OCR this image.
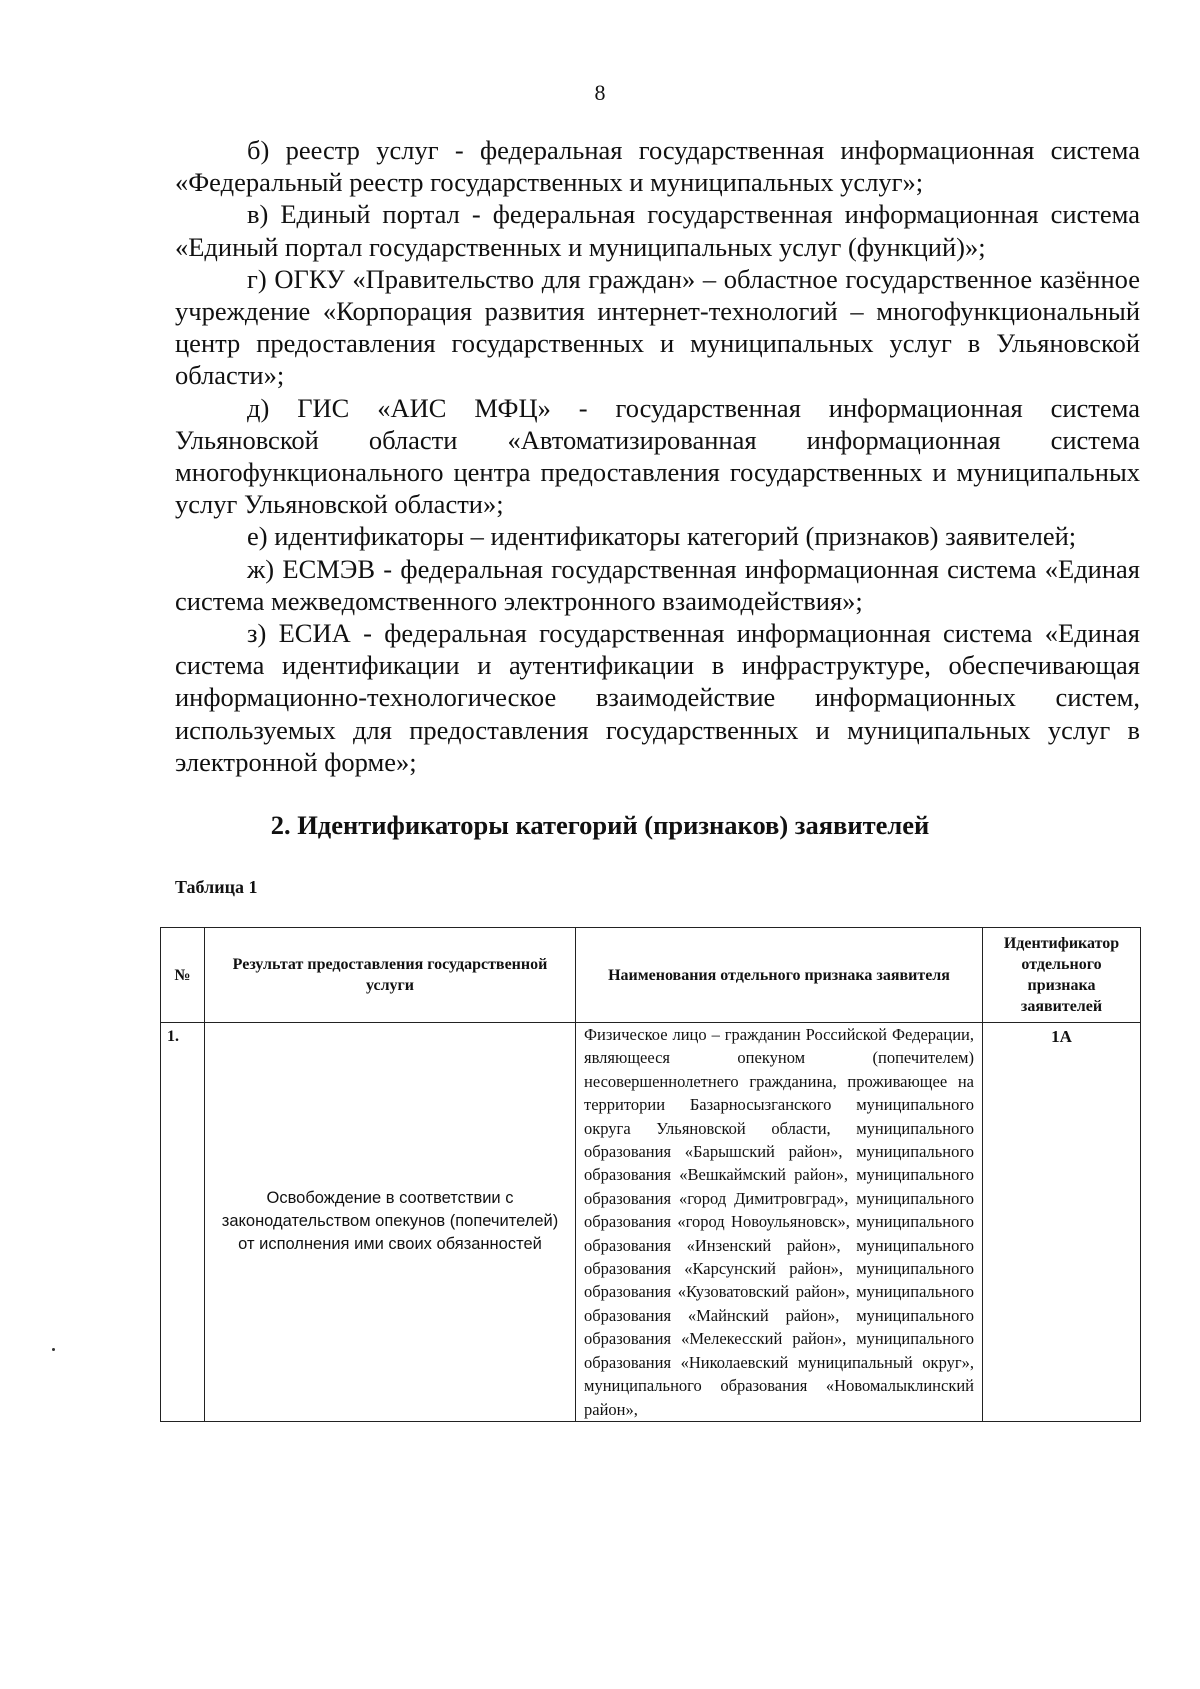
8

б) реестр услуг - федеральная государственная информационная система «Федеральный реестр государственных и муниципальных услуг»;

в) Единый портал - федеральная государственная информационная система «Единый портал государственных и муниципальных услуг (функций)»;

г) ОГКУ «Правительство для граждан» – областное государственное казённое учреждение «Корпорация развития интернет-технологий – многофункциональный центр предоставления государственных и муниципальных услуг в Ульяновской области»;

д) ГИС «АИС МФЦ» - государственная информационная система Ульяновской области «Автоматизированная информационная система многофункционального центра предоставления государственных и муниципальных услуг Ульяновской области»;

е) идентификаторы – идентификаторы категорий (признаков) заявителей;

ж) ЕСМЭВ - федеральная государственная информационная система «Единая система межведомственного электронного взаимодействия»;

з) ЕСИА - федеральная государственная информационная система «Единая система идентификации и аутентификации в инфраструктуре, обеспечивающая информационно-технологическое взаимодействие информационных систем, используемых для предоставления государственных и муниципальных услуг в электронной форме»;

2. Идентификаторы категорий (признаков) заявителей
Таблица 1
№	Результат предоставления государственной услуги	Наименования отдельного признака заявителя	Идентификатор отдельного признака заявителей
1.	Освобождение в соответствии с законодательством опекунов (попечителей) от исполнения ими своих обязанностей	Физическое лицо – гражданин Российской Федерации, являющееся опекуном (попечителем) несовершеннолетнего гражданина, проживающее на территории Базарносызганского муниципального округа Ульяновской области, муниципального образования «Барышский район», муниципального образования «Вешкаймский район», муниципального образования «город Димитровград», муниципального образования «город Новоульяновск», муниципального образования «Инзенский район», муниципального образования «Карсунский район», муниципального образования «Кузоватовский район», муниципального образования «Майнский район», муниципального образования «Мелекесский район», муниципального образования «Николаевский муниципальный округ», муниципального образования «Новомалыклинский район»,	1А
